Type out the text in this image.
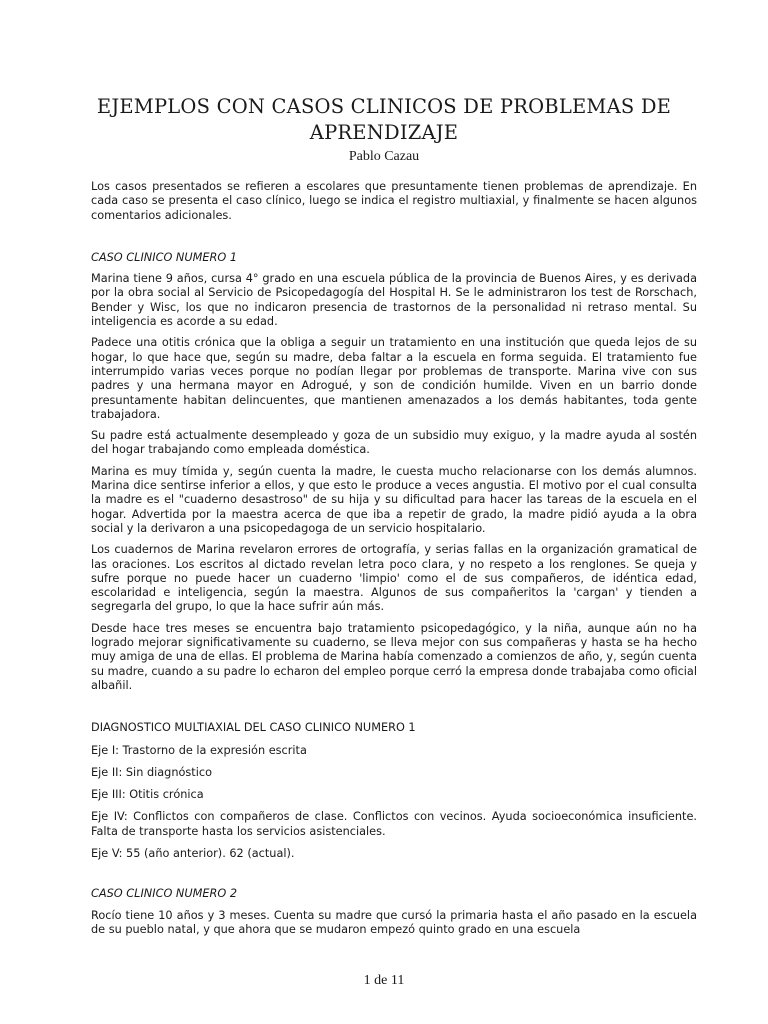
EJEMPLOS CON CASOS CLINICOS DE PROBLEMAS DE APRENDIZAJE
Pablo Cazau

Los casos presentados se refieren a escolares que presuntamente tienen problemas de aprendizaje. En cada caso se presenta el caso clínico, luego se indica el registro multiaxial, y finalmente se hacen algunos comentarios adicionales.

CASO CLINICO NUMERO 1

Marina tiene 9 años, cursa 4° grado en una escuela pública de la provincia de Buenos Aires, y es derivada por la obra social al Servicio de Psicopedagogía del Hospital H. Se le administraron los test de Rorschach, Bender y Wisc, los que no indicaron presencia de trastornos de la personalidad ni retraso mental. Su inteligencia es acorde a su edad.

Padece una otitis crónica que la obliga a seguir un tratamiento en una institución que queda lejos de su hogar, lo que hace que, según su madre, deba faltar a la escuela en forma seguida. El tratamiento fue interrumpido varias veces porque no podían llegar por problemas de transporte. Marina vive con sus padres y una hermana mayor en Adrogué, y son de condición humilde. Viven en un barrio donde presuntamente habitan delincuentes, que mantienen amenazados a los demás habitantes, toda gente trabajadora.

Su padre está actualmente desempleado y goza de un subsidio muy exiguo, y la madre ayuda al sostén del hogar trabajando como empleada doméstica.

Marina es muy tímida y, según cuenta la madre, le cuesta mucho relacionarse con los demás alumnos. Marina dice sentirse inferior a ellos, y que esto le produce a veces angustia. El motivo por el cual consulta la madre es el "cuaderno desastroso" de su hija y su dificultad para hacer las tareas de la escuela en el hogar. Advertida por la maestra acerca de que iba a repetir de grado, la madre pidió ayuda a la obra social y la derivaron a una psicopedagoga de un servicio hospitalario.

Los cuadernos de Marina revelaron errores de ortografía, y serias fallas en la organización gramatical de las oraciones. Los escritos al dictado revelan letra poco clara, y no respeto a los renglones. Se queja y sufre porque no puede hacer un cuaderno 'limpio' como el de sus compañeros, de idéntica edad, escolaridad e inteligencia, según la maestra. Algunos de sus compañeritos la 'cargan' y tienden a segregarla del grupo, lo que la hace sufrir aún más.

Desde hace tres meses se encuentra bajo tratamiento psicopedagógico, y la niña, aunque aún no ha logrado mejorar significativamente su cuaderno, se lleva mejor con sus compañeras y hasta se ha hecho muy amiga de una de ellas. El problema de Marina había comenzado a comienzos de año, y, según cuenta su madre, cuando a su padre lo echaron del empleo porque cerró la empresa donde trabajaba como oficial albañil.

DIAGNOSTICO MULTIAXIAL DEL CASO CLINICO NUMERO 1

Eje I: Trastorno de la expresión escrita

Eje II: Sin diagnóstico

Eje III: Otitis crónica

Eje IV: Conflictos con compañeros de clase. Conflictos con vecinos. Ayuda socioeconómica insuficiente. Falta de transporte hasta los servicios asistenciales.

Eje V: 55 (año anterior). 62 (actual).

CASO CLINICO NUMERO 2

Rocío tiene 10 años y 3 meses. Cuenta su madre que cursó la primaria hasta el año pasado en la escuela de su pueblo natal, y que ahora que se mudaron empezó quinto grado en una escuela

1 de 11
